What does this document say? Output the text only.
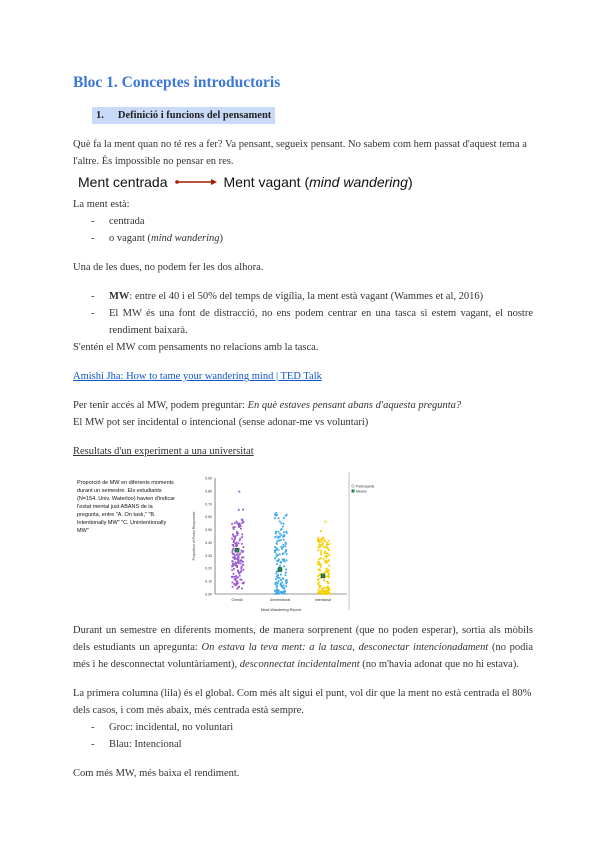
Bloc 1. Conceptes introductoris
1. Definició i funcions del pensament

Què fa la ment quan no té res a fer? Va pensant, segueix pensant. No sabem com hem passat d'aquest tema a l'altre. És impossible no pensar en res.

Ment centrada	Ment vagant ( mind wandering )

La ment està:

- centrada
- o vagant (mind wandering)

Una de les dues, no podem fer les dos alhora.

- MW: entre el 40 i el 50% del temps de vigília, la ment està vagant (Wammes et al, 2016)
- El MW és una font de distracció, no ens podem centrar en una tasca si estem vagant, el nostre rendiment baixarà.

S'entén el MW com pensaments no relacions amb la tasca.

Amishi Jha: How to tame your wandering mind | TED Talk

Per tenir accés al MW, podem preguntar: En què estaves pensant abans d'aquesta pregunta?

El MW pot ser incidental o intencional (sense adonar-me vs voluntari)

Resultats d'un experiment a una universitat

Proporció de MW en diferents moments durant un semestre. Els estudiants (N=154. Univ. Waterloo) havien d'indicar l'estat mental just ABANS de la pregunta, entre "A. On task," "B. Intentionally MW" "C. Unintentionally MW"

0.00
0.10
0.20
0.30
0.40
0.50
0.60
0.70
0.80
0.90
Proportion of Probe Responses
Mind-Wandering Report
Overall	Unintentional	Intentional
Participants
Means
Durant un semestre en diferents moments, de manera sorprenent (que no poden esperar), sortia als mòbils dels estudiants un apregunta: On estava la teva ment: a la tasca, desconectar intencionadament (no podia més i he desconnectat voluntàriament), desconnectat incidentalment (no m'havia adonat que no hi estava).

La primera columna (lila) és el global. Com més alt sigui el punt, vol dir que la ment no està centrada el 80% dels casos, i com més abaix, més centrada està sempre.

- Groc: incidental, no voluntari
- Blau: Intencional

Com més MW, més baixa el rendiment.
